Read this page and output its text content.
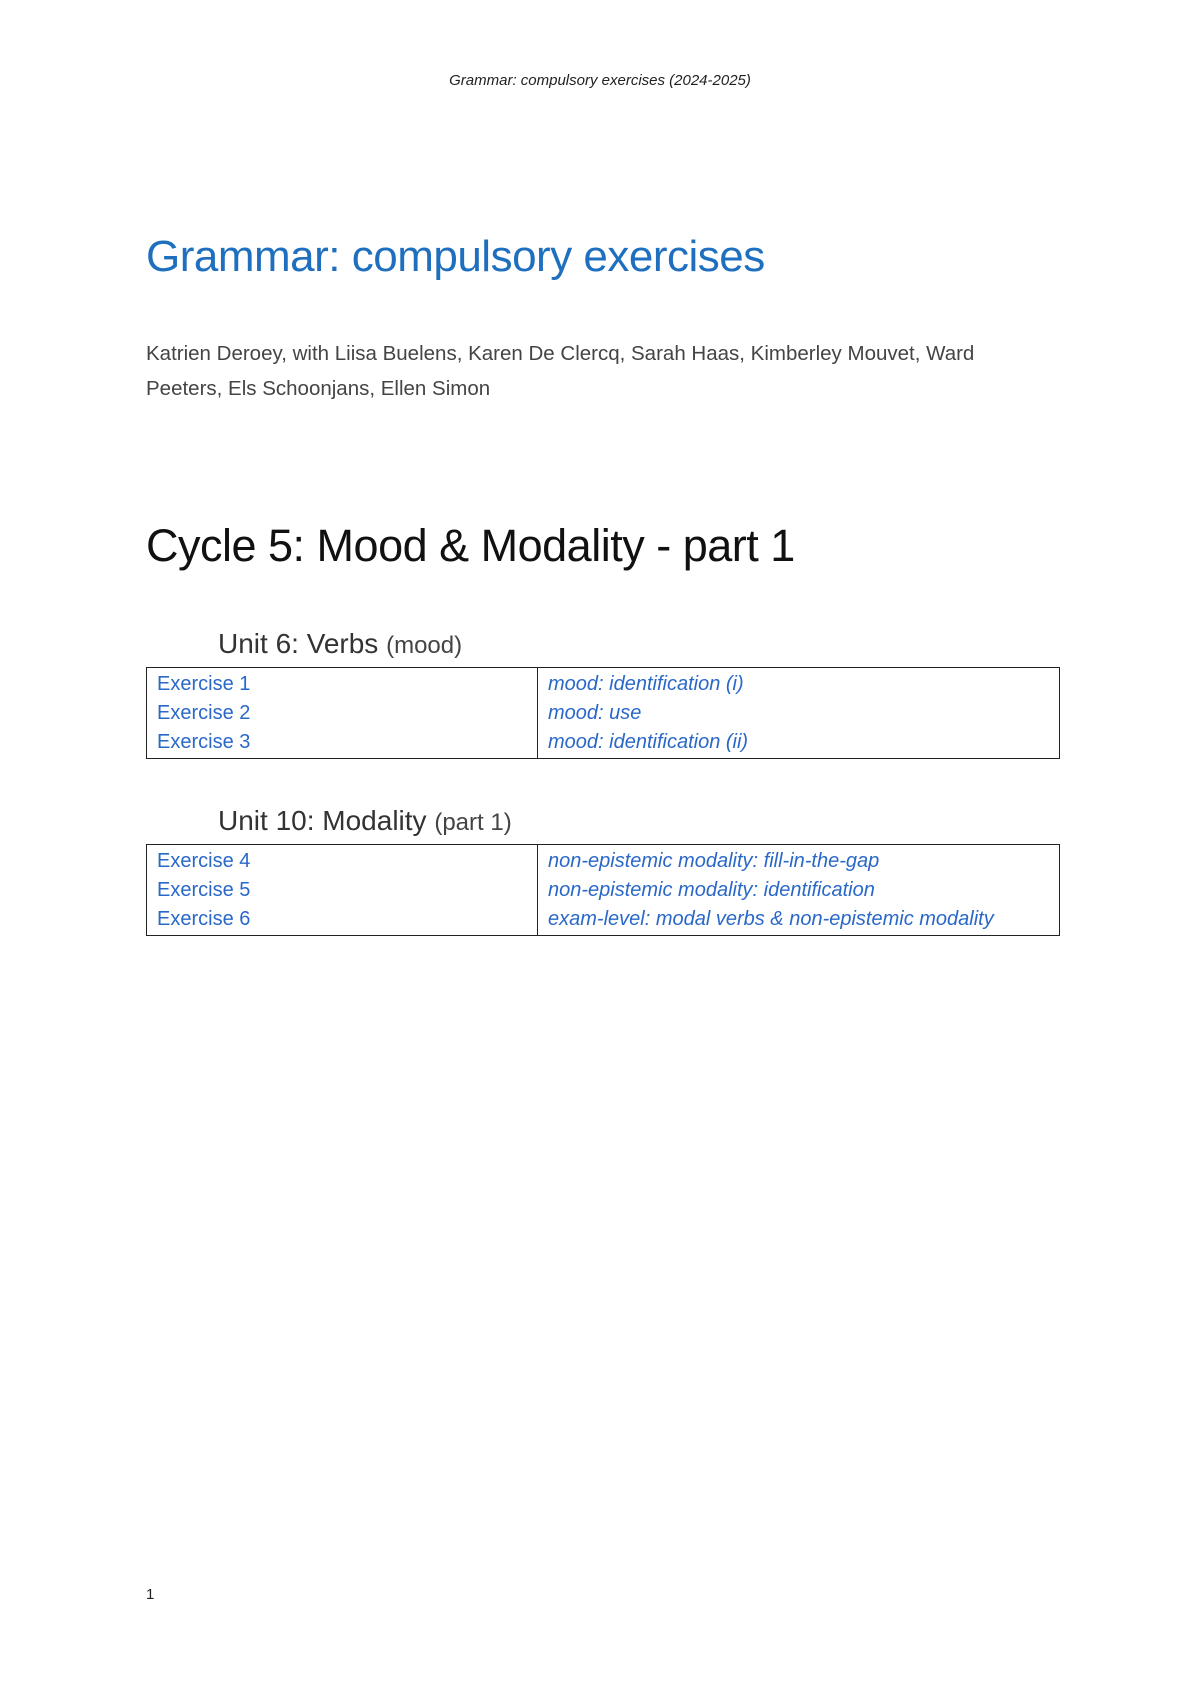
Grammar: compulsory exercises (2024-2025)
Grammar: compulsory exercises

Katrien Deroey, with Liisa Buelens, Karen De Clercq, Sarah Haas, Kimberley Mouvet, Ward Peeters, Els Schoonjans, Ellen Simon

Cycle 5: Mood & Modality - part 1
Unit 6: Verbs (mood)
Exercise 1	mood: identification (i)
Exercise 2	mood: use
Exercise 3	mood: identification (ii)
Unit 10: Modality (part 1)
Exercise 4	non-epistemic modality: fill-in-the-gap
Exercise 5	non-epistemic modality: identification
Exercise 6	exam-level: modal verbs & non-epistemic modality
1
